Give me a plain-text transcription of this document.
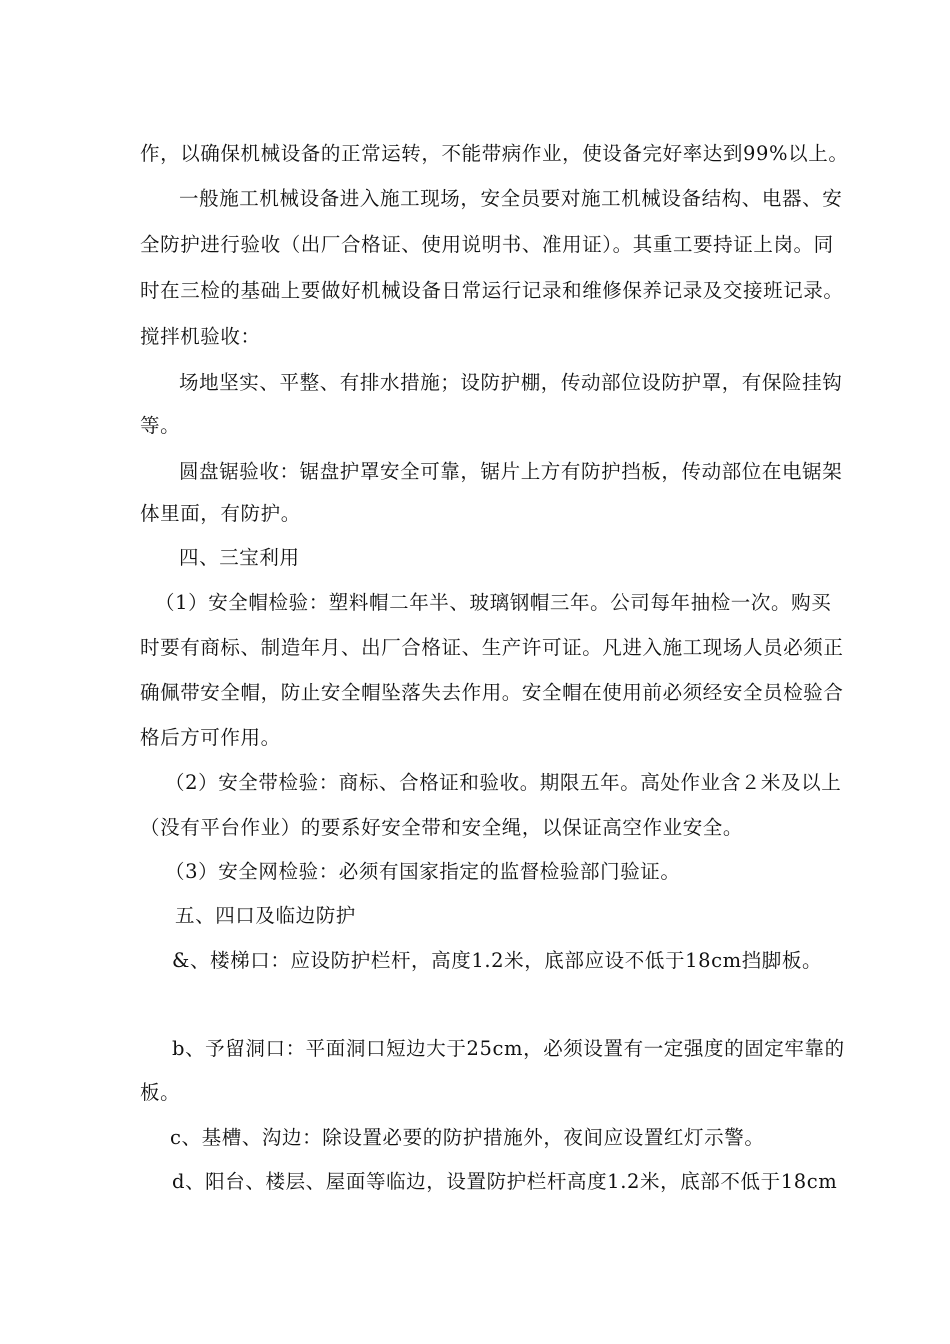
作，以确保机械设备的正常运转，不能带病作业，使设备完好率达到99%以上。
一般施工机械设备进入施工现场，安全员要对施工机械设备结构、电器、安
全防护进行验收（出厂合格证、使用说明书、准用证）。其重工要持证上岗。同
时在三检的基础上要做好机械设备日常运行记录和维修保养记录及交接班记录。
搅拌机验收：
场地坚实、平整、有排水措施；设防护棚，传动部位设防护罩，有保险挂钩
等。
圆盘锯验收：锯盘护罩安全可靠，锯片上方有防护挡板，传动部位在电锯架
体里面，有防护。
四、三宝利用
（1）安全帽检验：塑料帽二年半、玻璃钢帽三年。公司每年抽检一次。购买
时要有商标、制造年月、出厂合格证、生产许可证。凡进入施工现场人员必须正
确佩带安全帽，防止安全帽坠落失去作用。安全帽在使用前必须经安全员检验合
格后方可作用。
（2）安全带检验：商标、合格证和验收。期限五年。高处作业含２米及以上
（没有平台作业）的要系好安全带和安全绳，以保证高空作业安全。
（3）安全网检验：必须有国家指定的监督检验部门验证。
五、四口及临边防护
&、楼梯口：应设防护栏杆，高度1.2米，底部应设不低于18cm挡脚板。
b、予留洞口：平面洞口短边大于25cm，必须设置有一定强度的固定牢靠的
板。
c、基槽、沟边：除设置必要的防护措施外，夜间应设置红灯示警。
d、阳台、楼层、屋面等临边，设置防护栏杆高度1.2米，底部不低于18cm
